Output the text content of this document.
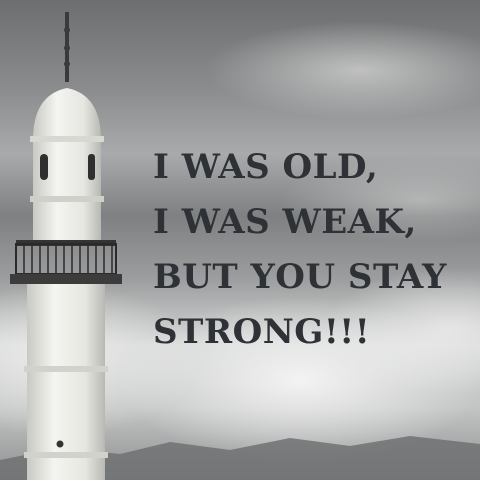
I WAS OLD,
I WAS WEAK,
BUT YOU STAY
STRONG!!!
